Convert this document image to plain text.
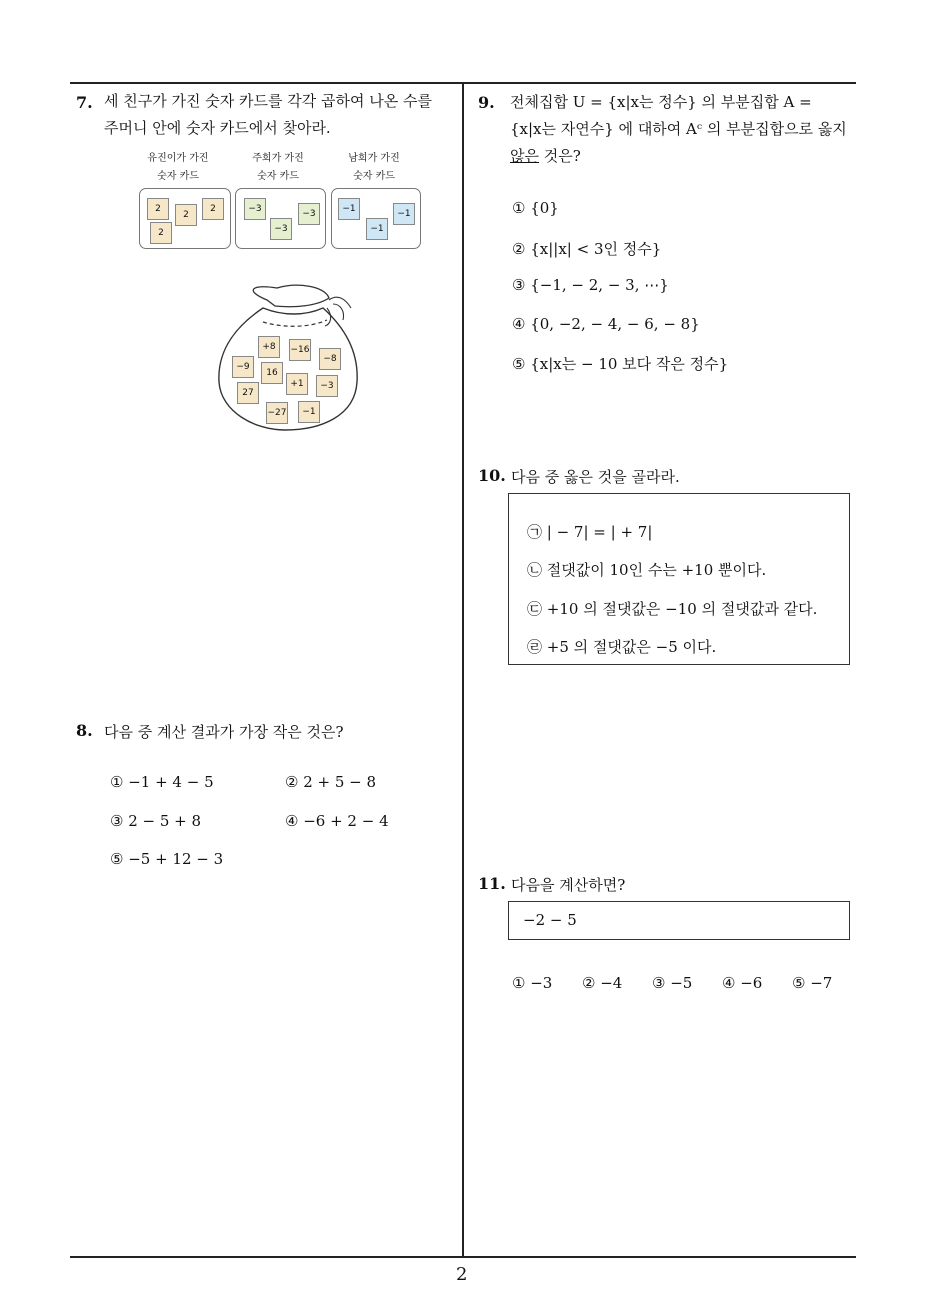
7. 세 친구가 가진 숫자 카드를 각각 곱하여 나온 수를
주머니 안에 숫자 카드에서 찾아라.
유진이가 가진
숫자 카드
주희가 가진
숫자 카드
남희가 가진
숫자 카드
2
2
2
2
−3	−3
−3
−1	−1
−1
+8	−16
−9
16
−8
27
+1	−3
−27	−1
8. 다음 중 계산 결과가 가장 작은 것은?
① −1 + 4 − 5	② 2 + 5 − 8
③ 2 − 5 + 8	④ −6 + 2 − 4
⑤ −5 + 12 − 3
9. 전체집합 U = {x|x는 정수} 의 부분집합 A =
{x|x는 자연수} 에 대하여 Aᶜ 의 부분집합으로 옳지
않은 것은?
① {0}
② {x||x| < 3인 정수}
③ {−1, − 2, − 3, ⋯}
④ {0, −2, − 4, − 6, − 8}
⑤ {x|x는 − 10 보다 작은 정수}
10. 다음 중 옳은 것을 골라라.
㉠ | − 7| = | + 7|
㉡ 절댓값이 10인 수는 +10 뿐이다.
㉢ +10 의 절댓값은 −10 의 절댓값과 같다.
㉣ +5 의 절댓값은 −5 이다.
11. 다음을 계산하면?
−2 − 5
① −3 ② −4 ③ −5 ④ −6 ⑤ −7
2
